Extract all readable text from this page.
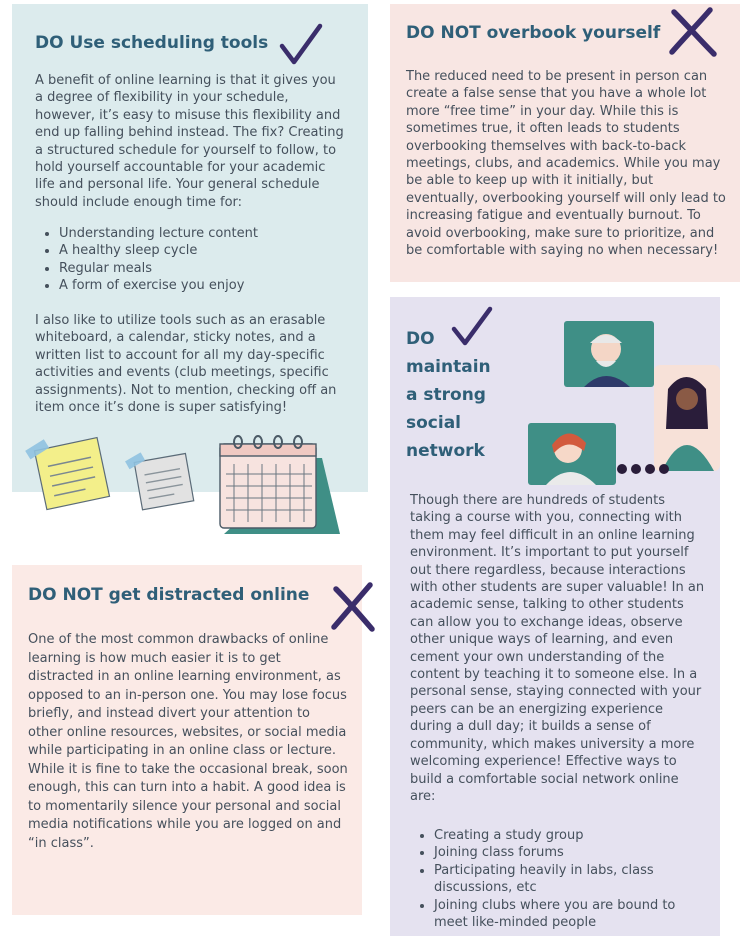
DO Use scheduling tools

A benefit of online learning is that it gives you a degree of flexibility in your schedule, however, it’s easy to misuse this flexibility and end up falling behind instead. The fix? Creating a structured schedule for yourself to follow, to hold yourself accountable for your academic life and personal life. Your general schedule should include enough time for:

• Understanding lecture content
• A healthy sleep cycle
• Regular meals
• A form of exercise you enjoy

I also like to utilize tools such as an erasable whiteboard, a calendar, sticky notes, and a written list to account for all my day-specific activities and events (club meetings, specific assignments). Not to mention, checking off an item once it’s done is super satisfying!

DO NOT overbook yourself

The reduced need to be present in person can create a false sense that you have a whole lot more “free time” in your day. While this is sometimes true, it often leads to students overbooking themselves with back-to-back meetings, clubs, and academics. While you may be able to keep up with it initially, but eventually, overbooking yourself will only lead to increasing fatigue and eventually burnout. To avoid overbooking, make sure to prioritize, and be comfortable with saying no when necessary!

DO
maintain
a strong
social
network

Though there are hundreds of students taking a course with you, connecting with them may feel difficult in an online learning environment. It’s important to put yourself out there regardless, because interactions with other students are super valuable! In an academic sense, talking to other students can allow you to exchange ideas, observe other unique ways of learning, and even cement your own understanding of the content by teaching it to someone else. In a personal sense, staying connected with your peers can be an energizing experience during a dull day; it builds a sense of community, which makes university a more welcoming experience! Effective ways to build a comfortable social network online are:

• Creating a study group
• Joining class forums
• Participating heavily in labs, class discussions, etc
• Joining clubs where you are bound to meet like-minded people
DO NOT get distracted online

One of the most common drawbacks of online learning is how much easier it is to get distracted in an online learning environment, as opposed to an in-person one. You may lose focus briefly, and instead divert your attention to other online resources, websites, or social media while participating in an online class or lecture. While it is fine to take the occasional break, soon enough, this can turn into a habit. A good idea is to momentarily silence your personal and social media notifications while you are logged on and “in class”.
